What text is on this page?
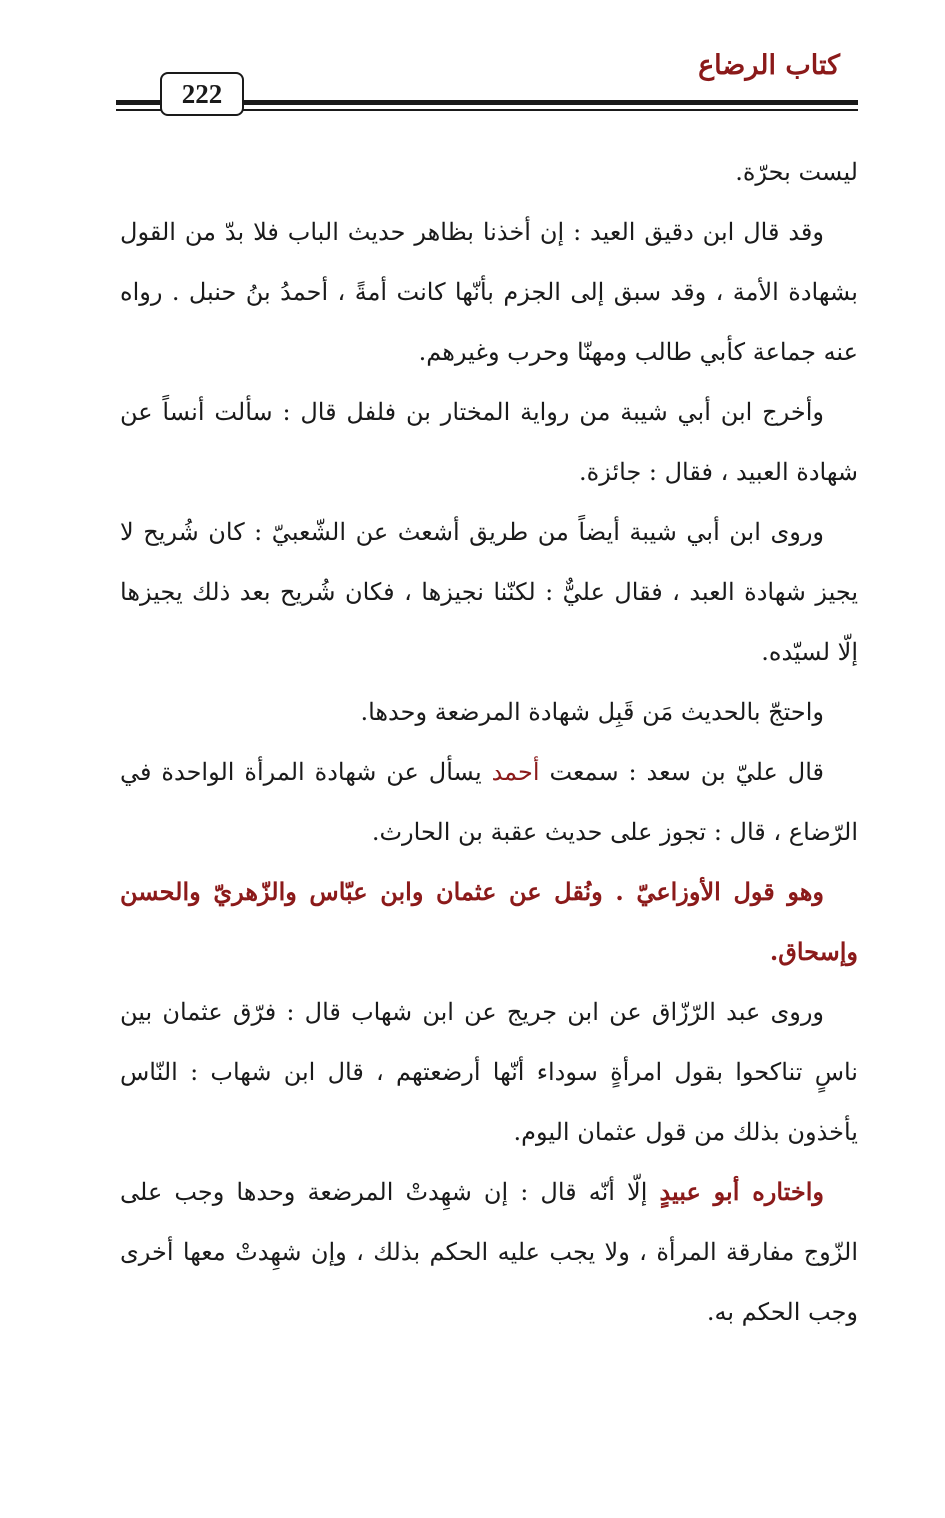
كتاب الرضاع
222

ليست بحرّة.

وقد قال ابن دقيق العيد : إن أخذنا بظاهر حديث الباب فلا بدّ من القول بشهادة الأمة ، وقد سبق إلى الجزم بأنّها كانت أمةً ، أحمدُ بنُ حنبل . رواه عنه جماعة كأبي طالب ومهنّا وحرب وغيرهم.

وأخرج ابن أبي شيبة من رواية المختار بن فلفل قال : سألت أنساً عن شهادة العبيد ، فقال : جائزة.

وروى ابن أبي شيبة أيضاً من طريق أشعث عن الشّعبيّ : كان شُريح لا يجيز شهادة العبد ، فقال عليٌّ : لكنّنا نجيزها ، فكان شُريح بعد ذلك يجيزها إلّا لسيّده.

واحتجّ بالحديث مَن قَبِل شهادة المرضعة وحدها.

قال عليّ بن سعد : سمعت أحمد يسأل عن شهادة المرأة الواحدة في الرّضاع ، قال : تجوز على حديث عقبة بن الحارث.

وهو قول الأوزاعيّ . ونُقل عن عثمان وابن عبّاس والزّهريّ والحسن وإسحاق.

وروى عبد الرّزّاق عن ابن جريج عن ابن شهاب قال : فرّق عثمان بين ناسٍ تناكحوا بقول امرأةٍ سوداء أنّها أرضعتهم ، قال ابن شهاب : النّاس يأخذون بذلك من قول عثمان اليوم.

واختاره أبو عبيدٍ إلّا أنّه قال : إن شهِدتْ المرضعة وحدها وجب على الزّوج مفارقة المرأة ، ولا يجب عليه الحكم بذلك ، وإن شهِدتْ معها أخرى وجب الحكم به.
